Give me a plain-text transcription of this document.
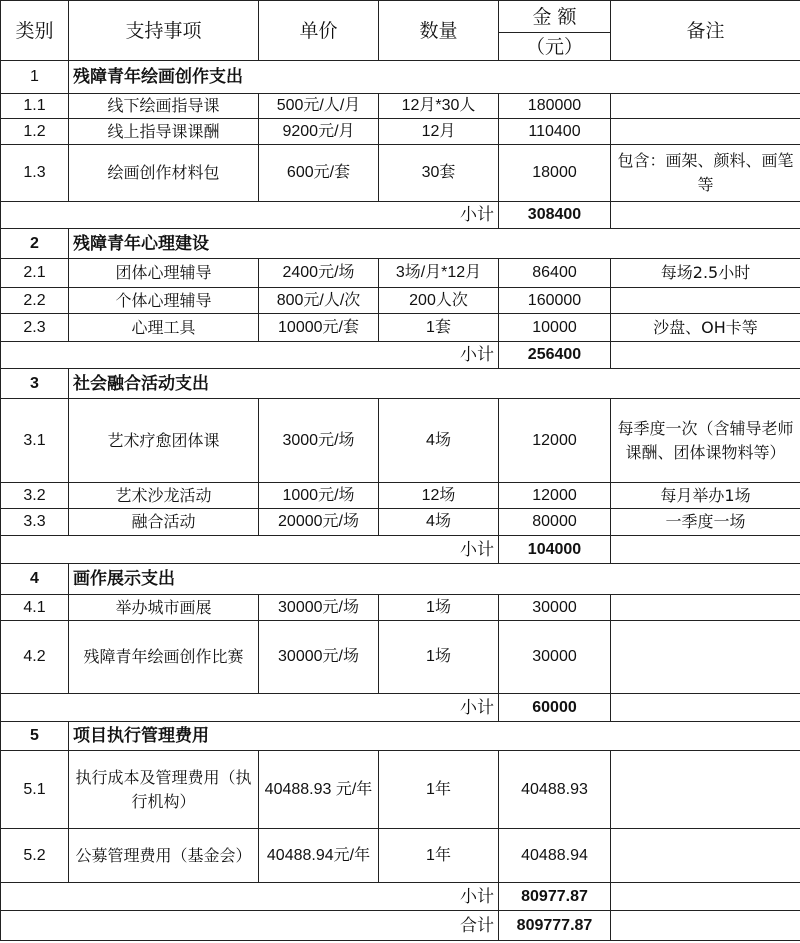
类别	支持事项	单价	数量	金 额	备注
				（元）	
1	残障青年绘画创作支出				
1.1	线下绘画指导课	500元/人/月	12月*30人	180000	
1.2	线上指导课课酬	9200元/月	12月	110400	
1.3	绘画创作材料包	600元/套	30套	18000	包含：画架、颜料、画笔等
小计				308400	
2	残障青年心理建设				
2.1	团体心理辅导	2400元/场	3场/月*12月	86400	每场2.5小时
2.2	个体心理辅导	800元/人/次	200人次	160000	
2.3	心理工具	10000元/套	1套	10000	沙盘、OH卡等
小计				256400	
3	社会融合活动支出				
3.1	艺术疗愈团体课	3000元/场	4场	12000	每季度一次（含辅导老师课酬、团体课物料等）
3.2	艺术沙龙活动	1000元/场	12场	12000	每月举办1场
3.3	融合活动	20000元/场	4场	80000	一季度一场
小计				104000	
4	画作展示支出				
4.1	举办城市画展	30000元/场	1场	30000	
4.2	残障青年绘画创作比赛	30000元/场	1场	30000	
小计				60000	
5	项目执行管理费用				
5.1	执行成本及管理费用（执行机构）	40488.93 元/年	1年	40488.93	
5.2	公募管理费用（基金会）	40488.94元/年	1年	40488.94	
小计				80977.87	
合计				809777.87	
